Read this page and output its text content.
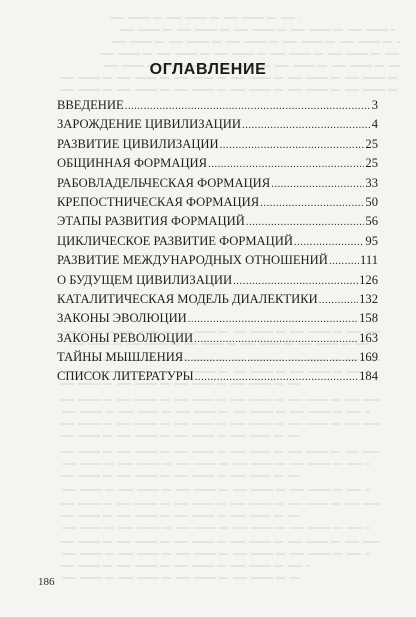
ОГЛАВЛЕНИЕ
ВВЕДЕНИЕ .....	3
ЗАРОЖДЕНИЕ ЦИВИЛИЗАЦИИ .....	4
РАЗВИТИЕ ЦИВИЛИЗАЦИИ .....	25
ОБЩИННАЯ ФОРМАЦИЯ .....	25
РАБОВЛАДЕЛЬЧЕСКАЯ ФОРМАЦИЯ .....	33
КРЕПОСТНИЧЕСКАЯ ФОРМАЦИЯ .....	50
ЭТАПЫ РАЗВИТИЯ ФОРМАЦИЙ .....	56
ЦИКЛИЧЕСКОЕ РАЗВИТИЕ ФОРМАЦИЙ .....	95
РАЗВИТИЕ МЕЖДУНАРОДНЫХ ОТНОШЕНИЙ .....	111
О БУДУЩЕМ ЦИВИЛИЗАЦИИ .....	126
КАТАЛИТИЧЕСКАЯ МОДЕЛЬ ДИАЛЕКТИКИ .....	132
ЗАКОНЫ ЭВОЛЮЦИИ .....	158
ЗАКОНЫ РЕВОЛЮЦИИ .....	163
ТАЙНЫ МЫШЛЕНИЯ .....	169
СПИСОК ЛИТЕРАТУРЫ .....	184
186
